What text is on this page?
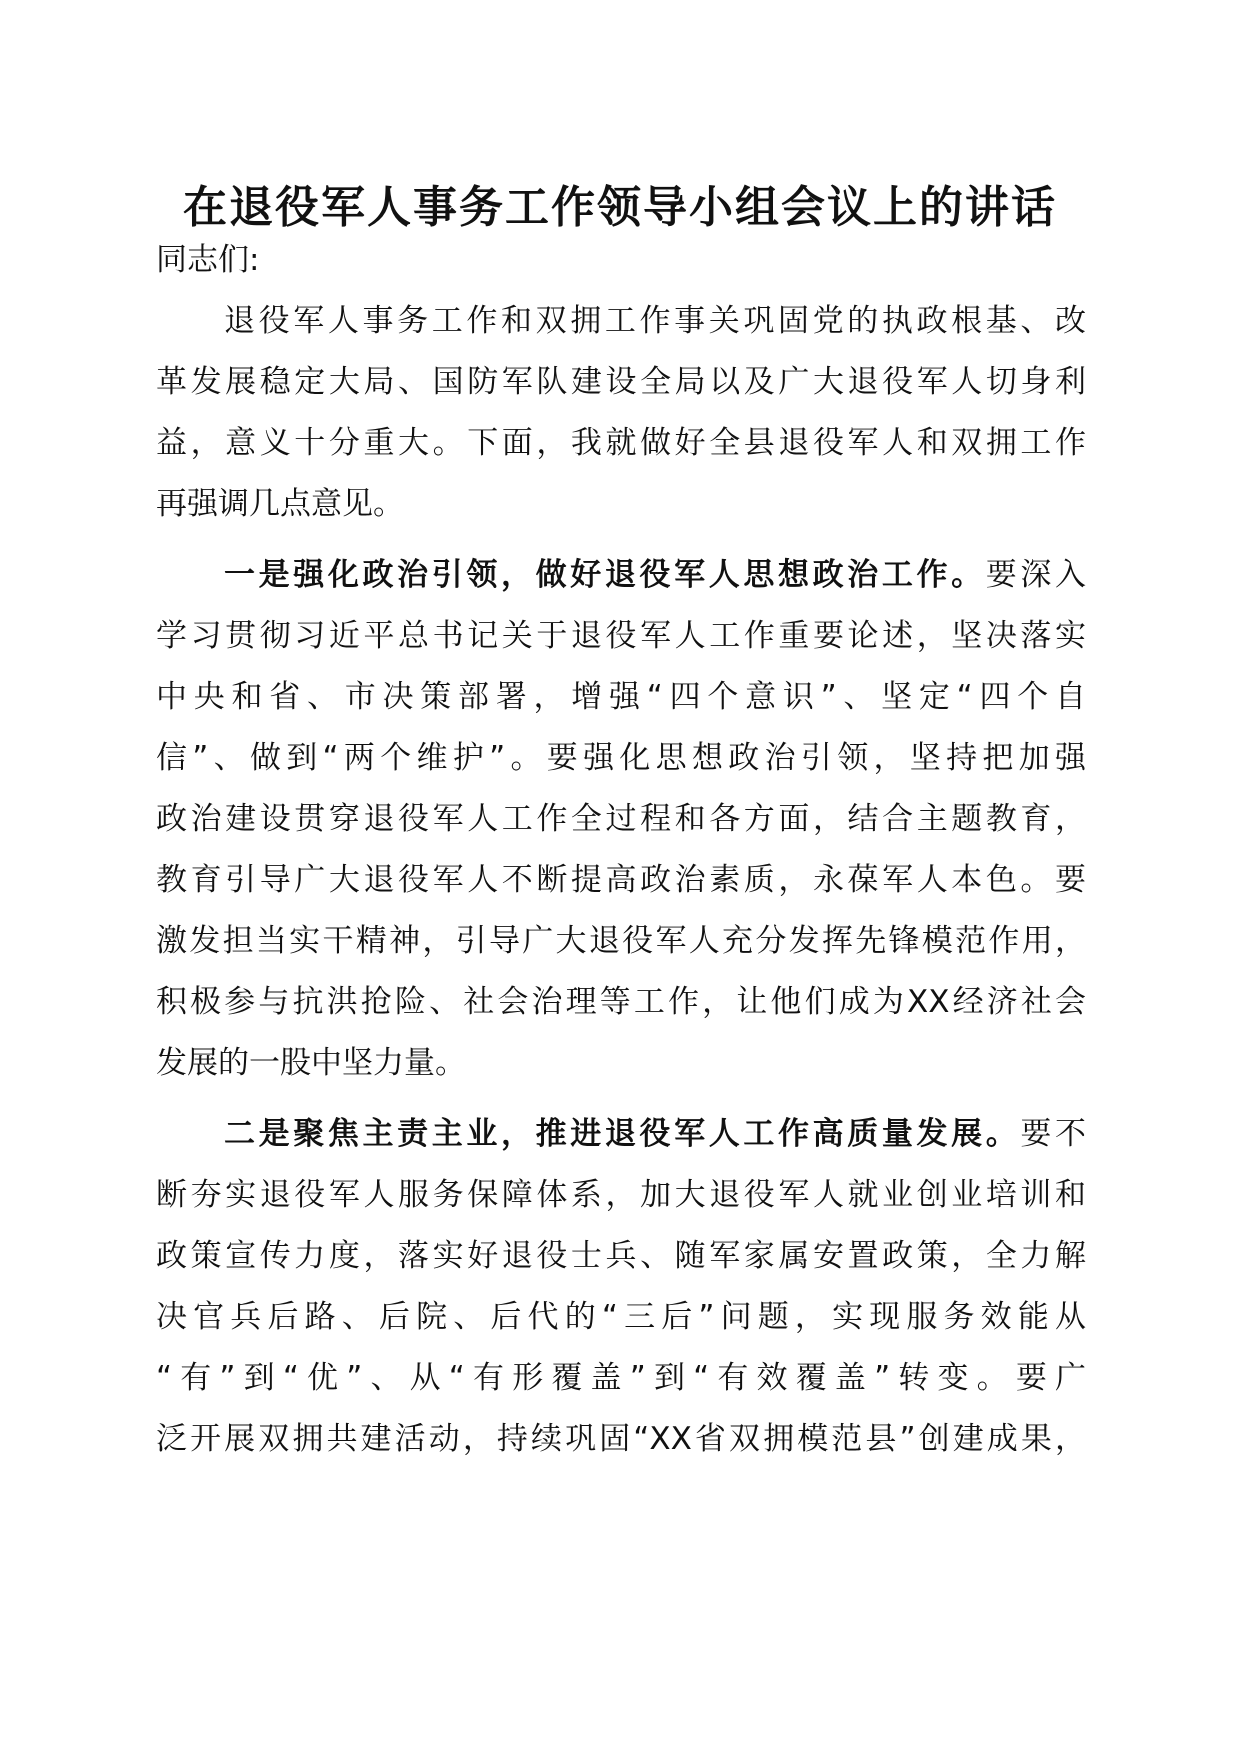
在退役军人事务工作领导小组会议上的讲话
同志们:
退役军人事务工作和双拥工作事关巩固党的执政根基、改
革发展稳定大局、国防军队建设全局以及广大退役军人切身利
益，意义十分重大。下面，我就做好全县退役军人和双拥工作
再强调几点意见。
一是强化政治引领，做好退役军人思想政治工作。要深入
学习贯彻习近平总书记关于退役军人工作重要论述，坚决落实
中央和省、市决策部署，增强“四个意识”、坚定“四个自
信”、做到“两个维护”。要强化思想政治引领，坚持把加强
政治建设贯穿退役军人工作全过程和各方面，结合主题教育，
教育引导广大退役军人不断提高政治素质，永葆军人本色。要
激发担当实干精神，引导广大退役军人充分发挥先锋模范作用，
积极参与抗洪抢险、社会治理等工作，让他们成为XX经济社会
发展的一股中坚力量。
二是聚焦主责主业，推进退役军人工作高质量发展。要不
断夯实退役军人服务保障体系，加大退役军人就业创业培训和
政策宣传力度，落实好退役士兵、随军家属安置政策，全力解
决官兵后路、后院、后代的“三后”问题，实现服务效能从
“有”到“优”、从“有形覆盖”到“有效覆盖”转变。要广
泛开展双拥共建活动，持续巩固“XX省双拥模范县”创建成果，
